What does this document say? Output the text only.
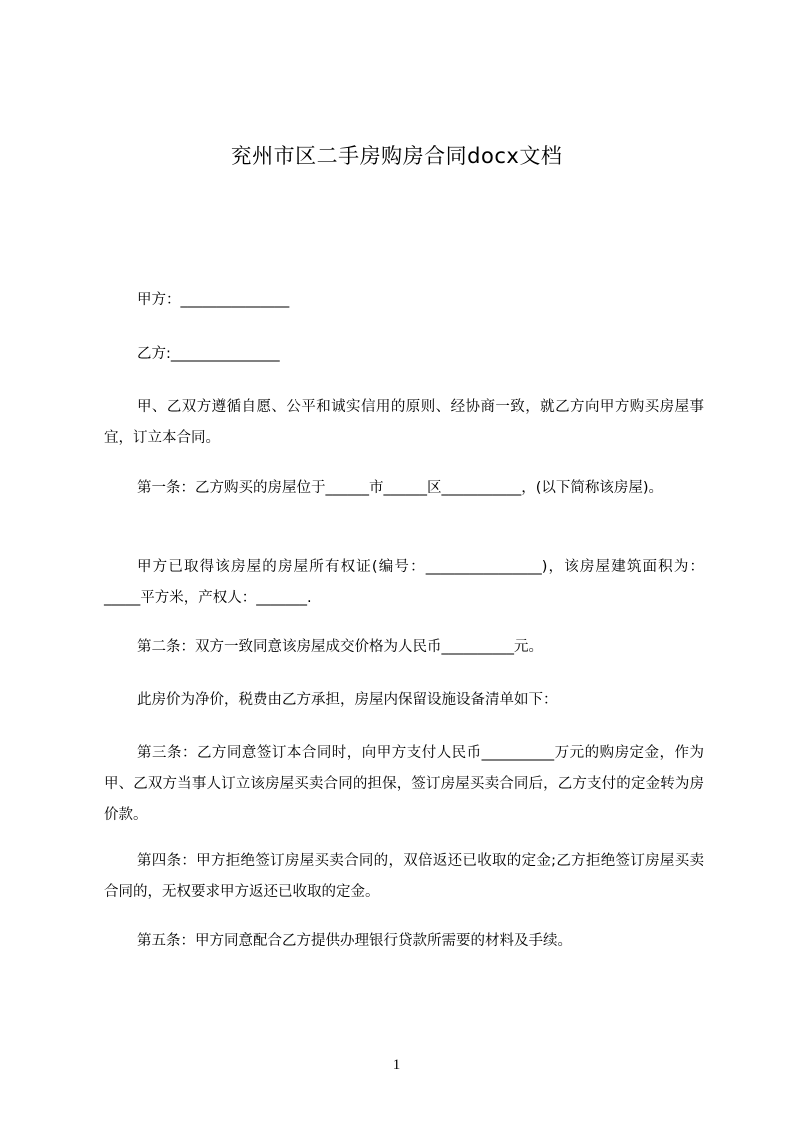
兖州市区二手房购房合同docx文档

甲方：_______________

乙方:_______________

甲、乙双方遵循自愿、公平和诚实信用的原则、经协商一致，就乙方向甲方购买房屋事宜，订立本合同。

第一条：乙方购买的房屋位于______市______区___________，(以下简称该房屋)。

甲方已取得该房屋的房屋所有权证(编号：________________)，该房屋建筑面积为：_____平方米，产权人：_______.

第二条：双方一致同意该房屋成交价格为人民币__________元。

此房价为净价，税费由乙方承担，房屋内保留设施设备清单如下：

第三条：乙方同意签订本合同时，向甲方支付人民币__________万元的购房定金，作为甲、乙双方当事人订立该房屋买卖合同的担保，签订房屋买卖合同后，乙方支付的定金转为房价款。

第四条：甲方拒绝签订房屋买卖合同的，双倍返还已收取的定金;乙方拒绝签订房屋买卖合同的，无权要求甲方返还已收取的定金。

第五条：甲方同意配合乙方提供办理银行贷款所需要的材料及手续。

1
